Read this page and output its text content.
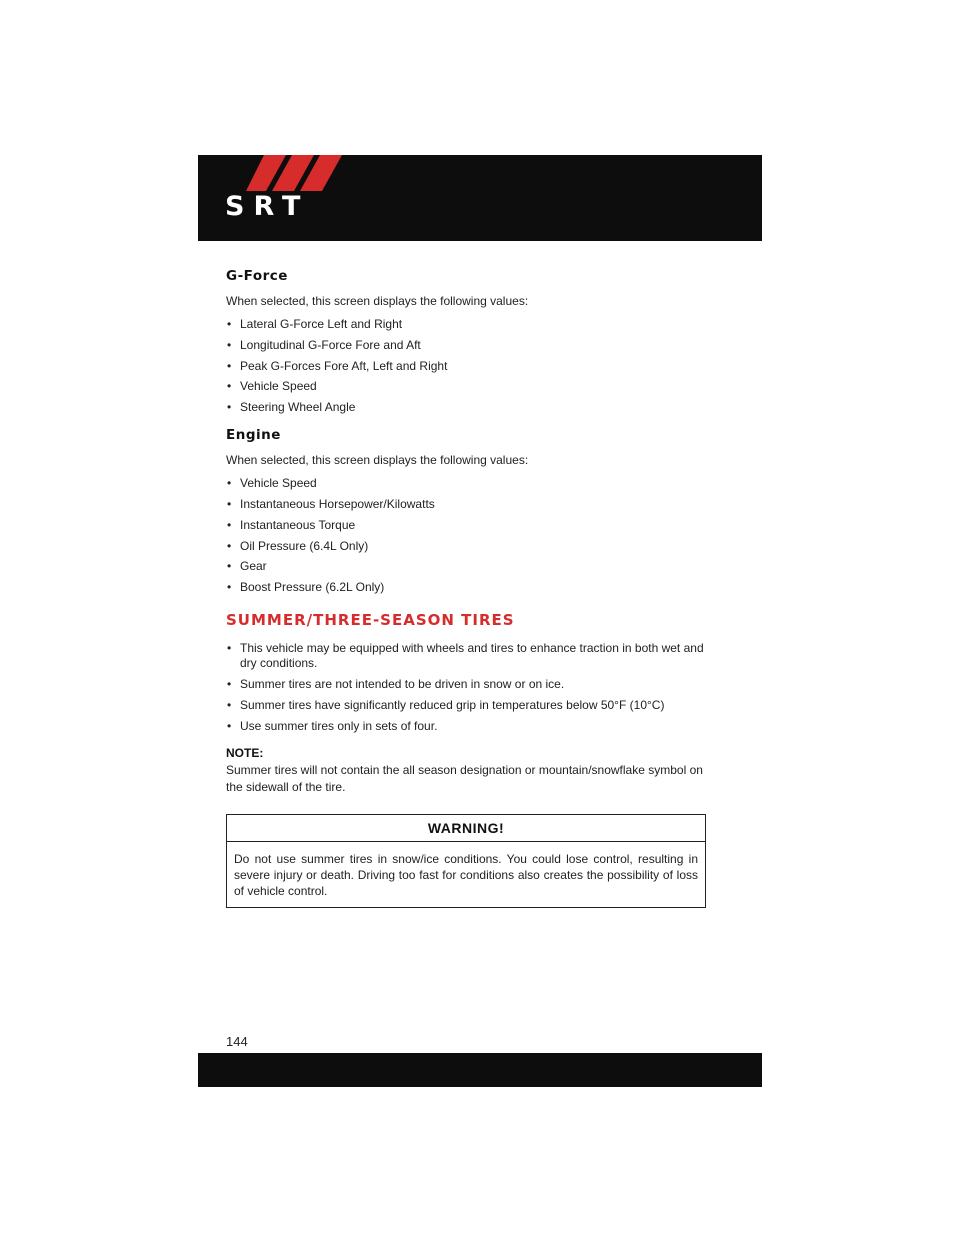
SRT
G-Force
When selected, this screen displays the following values:
• Lateral G-Force Left and Right
• Longitudinal G-Force Fore and Aft
• Peak G-Forces Fore Aft, Left and Right
• Vehicle Speed
• Steering Wheel Angle
Engine
When selected, this screen displays the following values:
• Vehicle Speed
• Instantaneous Horsepower/Kilowatts
• Instantaneous Torque
• Oil Pressure (6.4L Only)
• Gear
• Boost Pressure (6.2L Only)
SUMMER/THREE-SEASON TIRES
• This vehicle may be equipped with wheels and tires to enhance traction in both wet and dry conditions.
• Summer tires are not intended to be driven in snow or on ice.
• Summer tires have significantly reduced grip in temperatures below 50°F (10°C)
• Use summer tires only in sets of four.
NOTE:
Summer tires will not contain the all season designation or mountain/snowflake symbol on the sidewall of the tire.
WARNING!
Do not use summer tires in snow/ice conditions. You could lose control, resulting in severe injury or death. Driving too fast for conditions also creates the possibility of loss of vehicle control.
144
